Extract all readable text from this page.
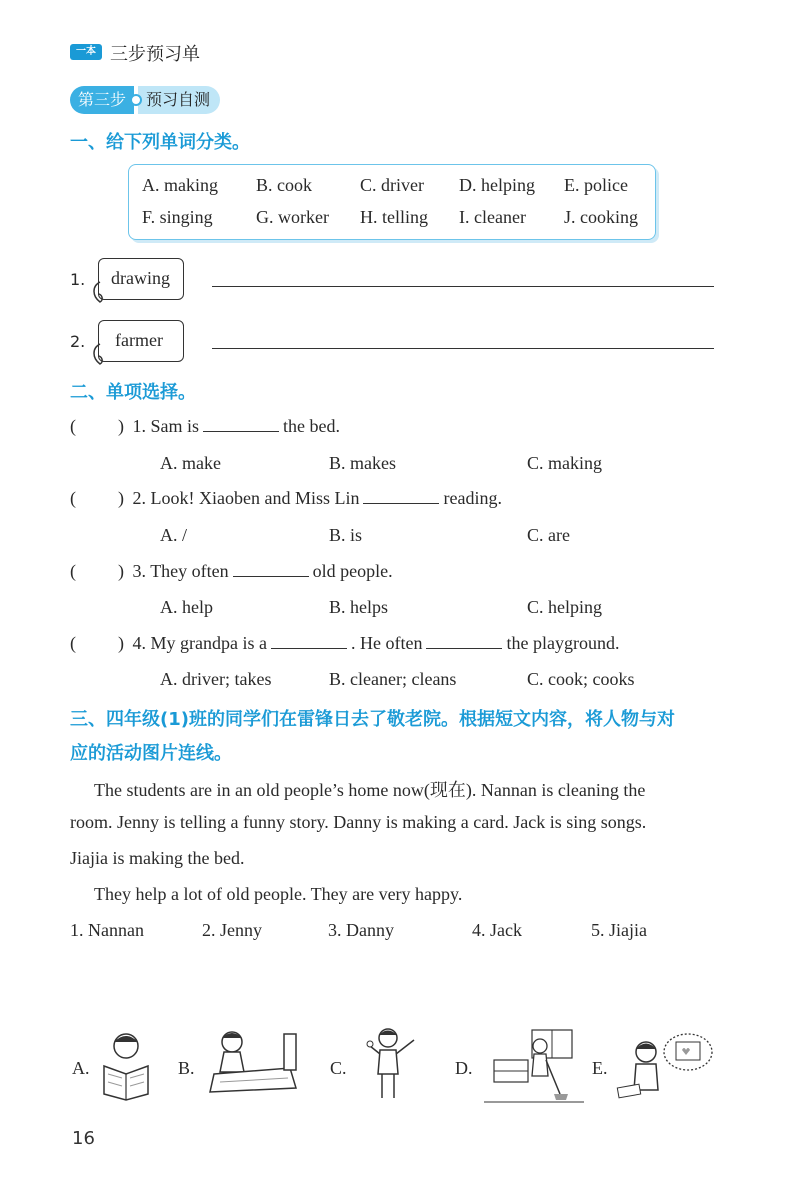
一本 三步预习单
第三步	预习自测
一、给下列单词分类。
A. making B. cook	C. driver D. helping E. police
F. singing G. worker H. telling I. cleaner J. cooking
1. drawing
2. farmer
二、单项选择。
( ) 1. Sam is	the bed.
A. make	B. makes	C. making
( ) 2. Look! Xiaoben and Miss Lin	reading.
A. /	B. is	C. are
( ) 3. They often	old people.
A. help	B. helps	C. helping
( ) 4. My grandpa is a	. He often	the playground.
A. driver; takes	B. cleaner; cleans	C. cook; cooks
三、四年级(1)班的同学们在雷锋日去了敬老院。根据短文内容，将人物与对
应的活动图片连线。
The students are in an old people’s home now(现在). Nannan is cleaning the
room. Jenny is telling a funny story. Danny is making a card. Jack is sing songs.
Jiajia is making the bed.
They help a lot of old people. They are very happy.
1. Nannan	2. Jenny	3. Danny	4. Jack	5. Jiajia
A.	B.	C.	D.	E.
16
